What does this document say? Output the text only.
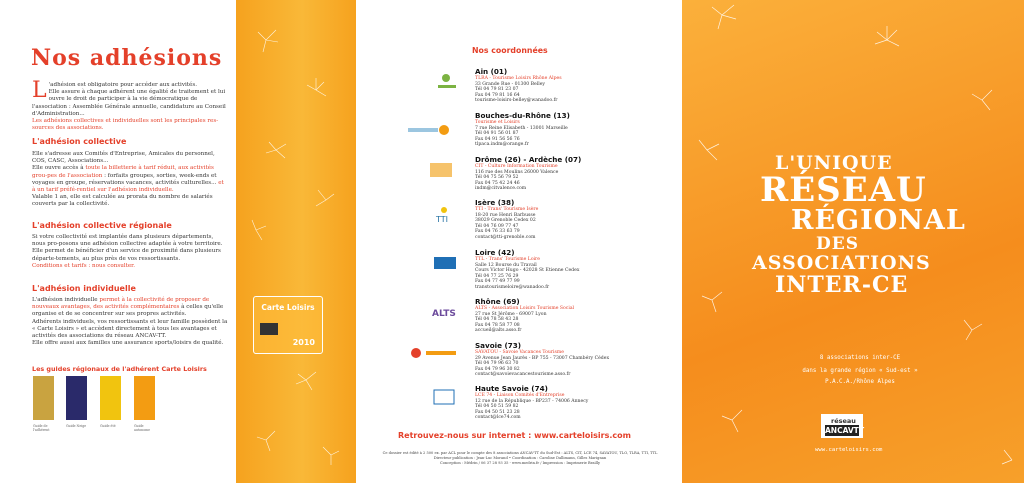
Nos adhésions
L 'adhésion est obligatoire pour accéder aux activités.
Elle assure à chaque adhérent une égalité de traitement et lui ouvre le droit de participer à la vie démocratique de l'association : Assemblée Générale annuelle, candidature au Conseil d'Administration...
Les adhésions collectives et individuelles sont les principales res-sources des associations.
L'adhésion collective
Elle s'adresse aux Comités d'Entreprise, Amicales du personnel, COS, CASC, Associations...
Elle ouvre accès à toute la billetterie à tarif réduit, aux activités grou-pes de l'association : forfaits groupes, sorties, week-ends et voyages en groupe, réservations vacances, activités culturelles... et à un tarif préfé-rentiel sur l'adhésion individuelle.
Valable 1 an, elle est calculée au prorata du nombre de salariés couverts par la collectivité.
L'adhésion collective régionale
Si votre collectivité est implantée dans plusieurs départements, nous pro-posons une adhésion collective adaptée à votre territoire.
Elle permet de bénéficier d'un service de proximité dans plusieurs départe-tements, au plus près de vos ressortissants.
Conditions et tarifs : nous consulter.
L'adhésion individuelle
L'adhésion individuelle permet à la collectivité de proposer de nouveaux avantages, des activités complémentaires à celles qu'elle organise et de se concentrer sur ses propres activités.
Adhérents individuels, vos ressortissants et leur famille possèdent la « Carte Loisirs » et accèdent directement à tous les avantages et activités des associations du réseau ANCAV-TT.
Elle offre aussi aux familles une assurance sports/loisirs de qualité.
Les guides régionaux de l'adhérent Carte Loisirs
Guide de l'adhérent
Guide Neige	Guide été	Guide autonome
Carte Loisirs
2010
Nos coordonnées
TTI
ALTS
Ain (01)
TLRA - Tourisme Loisirs Rhône Alpes
33 Grande Rue - 01300 Belley
Tél 04 79 81 23 07
Fax 04 79 81 16 64
tourisme-loisirs-belley@wanadoo.fr
Bouches-du-Rhône (13)
Tourisme et Loisirs
7 rue Reine Elisabeth - 13001 Marseille
Tél 04 91 56 01 87
Fax 04 91 56 56 76
tlpaca.indm@orange.fr
Drôme (26) - Ardèche (07)
CIT - Culture Information Tourisme
116 rue des Moulins 26000 Valence
Tél 04 75 56 79 52
Fax 04 75 42 24 46
indm@citvalence.com
Isère (38)
TTI - Trans' Tourisme Isère
18-20 rue Henri Barbusse
38029 Grenoble Cedex 02
Tél 04 76 09 77 47
Fax 04 76 33 63 79
contact@tti-grenoble.com
Loire (42)
TTL - Trans' Tourisme Loire
Salle 12 Bourse du Travail
Cours Victor Hugo - 42028 St Etienne Cedex
Tél 04 77 25 76 29
Fax 04 77 49 77 99
transtourismeloire@wanadoo.fr
Rhône (69)
ALTS - Association Loisirs Tourisme Social
27 rue St Jérôme - 69007 Lyon
Tél 04 78 58 43 28
Fax 04 78 58 77 08
accueil@alts.asso.fr
Savoie (73)
SAVATOU - Savoie Vacances Tourisme
29 Avenue Jean Jaurès - BP 755 - 73007 Chambéry Cédex
Tél 04 79 96 63 70
Fax 04 79 96 30 82
contact@savoievacancestourisme.asso.fr
Haute Savoie (74)
LCE 74 - Liaison Comités d'Entreprise
12 rue de la République - BP237 - 74006 Annecy
Tél 04 50 51 59 82
Fax 04 50 51 23 28
contact@lce74.com
Retrouvez-nous sur internet : www.carteloisirs.com
Ce dossier est édité à 2 500 ex. par ACL pour le compte des 8 associations ANCAV-TT du Sud-Est : ALTS, CIT, LCE 74, SAVATOU, TLO, TLRA, TTI, TTL
Directeur publication : Jean-Luc Morand • Coordination : Caroline Dallimann, Gilles Marignan
Conception : Médrin / 06 37 28 93 35 - www.medrin.fr / Impression : Imprimerie Brailly
L'UNIQUE
RÉSEAU
RÉGIONAL
DES
ASSOCIATIONS
INTER-CE
8 associations inter-CE
dans la grande région « Sud-est »
P.A.C.A./Rhône Alpes
réseau
ANCAVTT
www.carteloisirs.com
